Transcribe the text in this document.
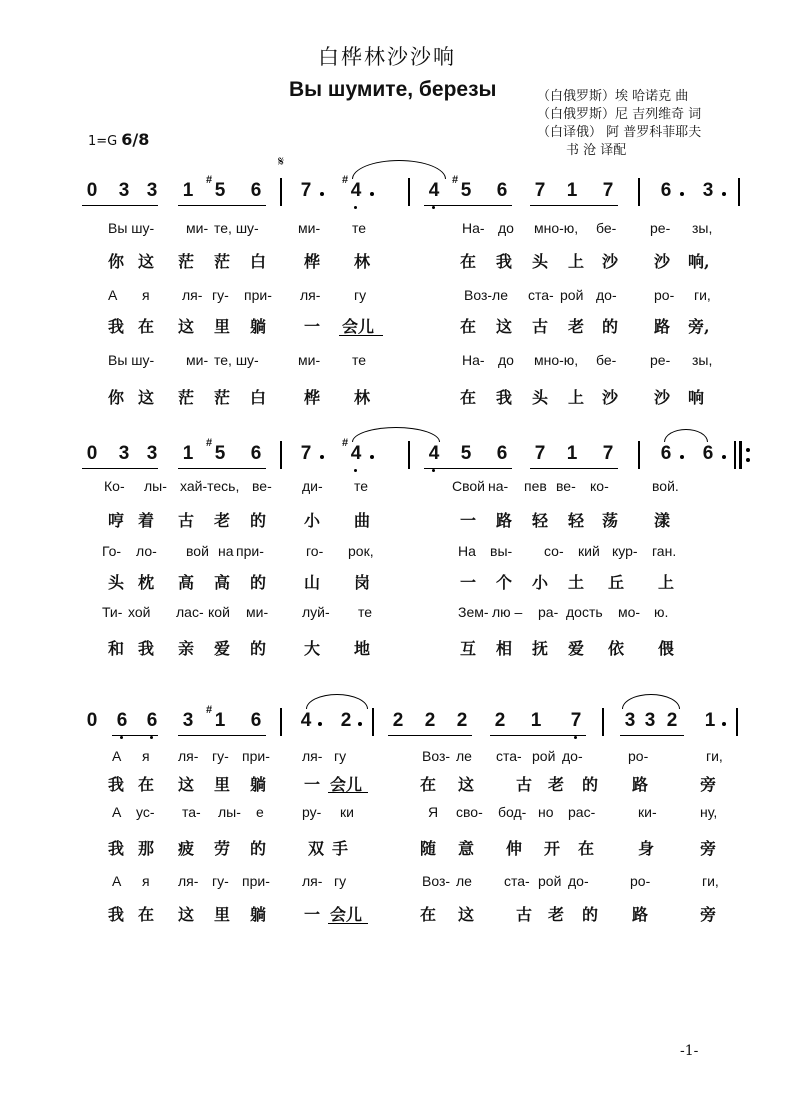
白桦林沙沙响
Вы шумите, березы	（白俄罗斯）埃 哈诺克 曲
（白俄罗斯）尼 吉列维奇 词
（白译俄） 阿 普罗科菲耶夫
书 沧 译配
1=G 6/8
𝄋
0 3 3 1	# 5 6 7	# 4	4	# 5 6 7 1 7 6 3
Вы шу- ми- те, шу-	ми- те	На- до мно-ю, бе- ре- зы,
你 这 茫 茫 白 桦 林	在 我 头 上 沙 沙 响,
А я ля- гу- при- ля- гу	Воз-ле ста- рой до-	ро- ги,
我 在 这 里 躺 一 会儿	在 这 古 老 的 路 旁,
Вы шу- ми- те, шу-	ми- те	На- до мно-ю, бе- ре- зы,
你 这 茫 茫 白 桦 林	在 我 头 上 沙 沙 响
0 3 3 1	# 5 6 7	# 4	4 5 6 7 1 7 6 6
Ко- лы- хай-тесь, ве- ди- те	Свой на- пев ве- ко-	вой.
哼 着 古 老 的 小 曲	一 路 轻 轻 荡 漾
Го- ло- вой на при-	го- рок,	На вы- со- кий кур- ган.
头 枕 高 高 的 山 岗	一 个 小 土 丘 上
Ти- хой лас- кой ми- луй- те	Зем- лю – ра- дость мо- ю.
和 我 亲 爱 的 大 地	互 相 抚 爱 依 偎
0 6 6 3	# 1 6 4 2 2 2 2 2 1 7 3 3 2 1
А я ля- гу- при- ля- гу	Воз- ле ста- рой до-	ро-	ги,
我 在 这 里 躺 一 会儿	在 这	古 老 的 路	旁
А ус- та- лы- е	ру- ки	Я сво- бод- но рас-	ки-	ну,
我 那 疲 劳 的	双 手	随 意 伸 开 在	身	旁
А я ля- гу- при- ля- гу	Воз- ле ста- рой до-	ро-	ги,
我 在 这 里 躺 一 会儿	在 这	古 老 的 路	旁
-1-
